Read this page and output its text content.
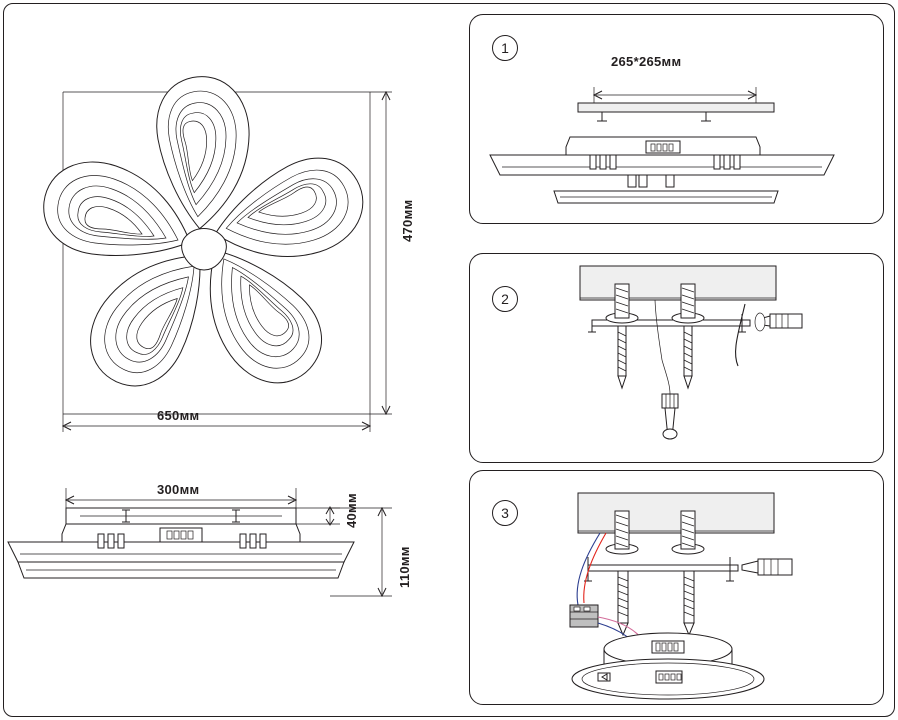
650мм
470мм
300мм
40мм
110мм
1
265*265мм
2
3
